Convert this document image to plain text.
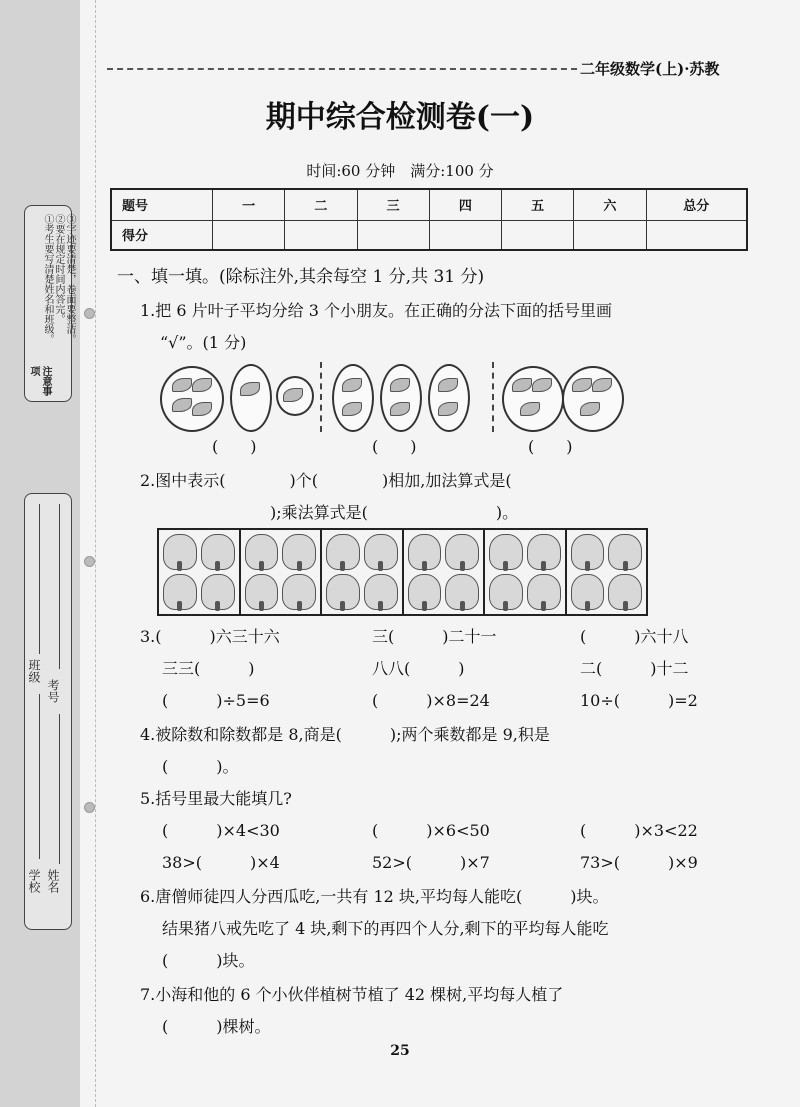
注意事项
①考生要写清楚姓名和班级。 ②要在规定时间内答完。 ③字迹要清楚，卷面要整洁。
学校 姓名
班级
考号
二年级数学(上)·苏教
期中综合检测卷(一)
时间:60 分钟　满分:100 分
题号	一	二	三	四	五	六	总分
得分							
一、填一填。(除标注外,其余每空 1 分,共 31 分)
1.把 6 片叶子平均分给 3 个小朋友。在正确的分法下面的括号里画
“√”。(1 分)
(　　)	(　　)	(　　)
2.图中表示(　　　　)个(　　　　)相加,加法算式是(
);乘法算式是(　　　　　　　　)。
3.(　　　)六三十六	三(　　　)二十一	(　　　)六十八
三三(　　　)	八八(　　　)	二(　　　)十二
(　　　)÷5=6	(　　　)×8=24	10÷(　　　)=2
4.被除数和除数都是 8,商是(　　　);两个乘数都是 9,积是
(　　　)。
5.括号里最大能填几?
(　　　)×4<30	(　　　)×6<50	(　　　)×3<22
38>(　　　)×4	52>(　　　)×7	73>(　　　)×9
6.唐僧师徒四人分西瓜吃,一共有 12 块,平均每人能吃(　　　)块。
结果猪八戒先吃了 4 块,剩下的再四个人分,剩下的平均每人能吃
(　　　)块。
7.小海和他的 6 个小伙伴植树节植了 42 棵树,平均每人植了
(　　　)棵树。
25
